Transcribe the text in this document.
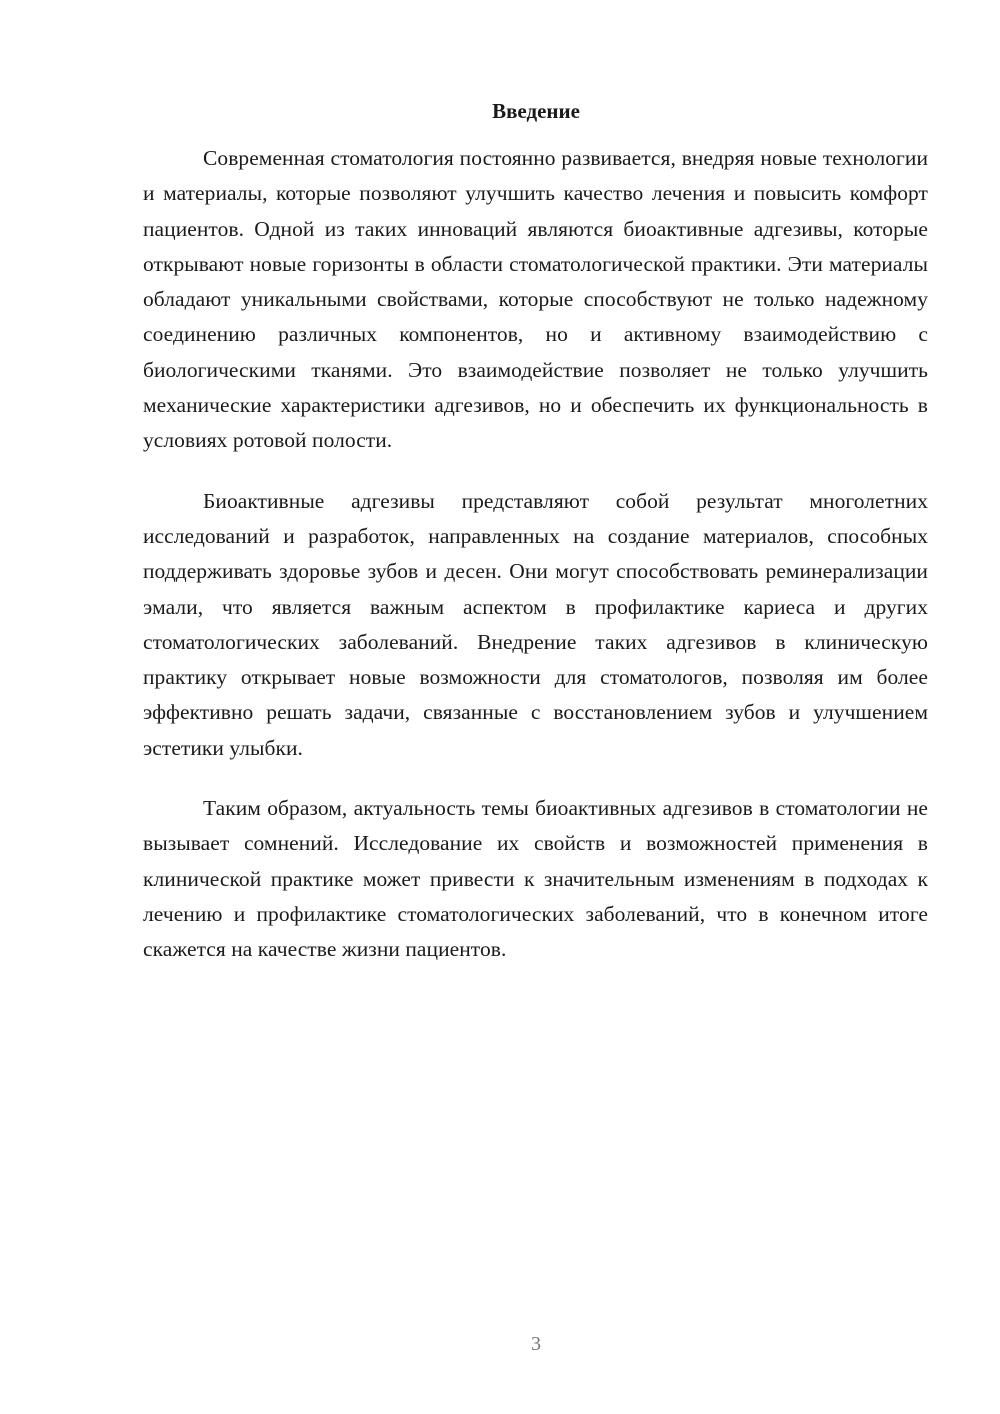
Введение

Современная стоматология постоянно развивается, внедряя новые технологии и материалы, которые позволяют улучшить качество лечения и повысить комфорт пациентов. Одной из таких инноваций являются биоактивные адгезивы, которые открывают новые горизонты в области стоматологической практики. Эти материалы обладают уникальными свойствами, которые способствуют не только надежному соединению различных компонентов, но и активному взаимодействию с биологическими тканями. Это взаимодействие позволяет не только улучшить механические характеристики адгезивов, но и обеспечить их функциональность в условиях ротовой полости.

Биоактивные адгезивы представляют собой результат многолетних исследований и разработок, направленных на создание материалов, способных поддерживать здоровье зубов и десен. Они могут способствовать реминерализации эмали, что является важным аспектом в профилактике кариеса и других стоматологических заболеваний. Внедрение таких адгезивов в клиническую практику открывает новые возможности для стоматологов, позволяя им более эффективно решать задачи, связанные с восстановлением зубов и улучшением эстетики улыбки.

Таким образом, актуальность темы биоактивных адгезивов в стоматологии не вызывает сомнений. Исследование их свойств и возможностей применения в клинической практике может привести к значительным изменениям в подходах к лечению и профилактике стоматологических заболеваний, что в конечном итоге скажется на качестве жизни пациентов.

3
